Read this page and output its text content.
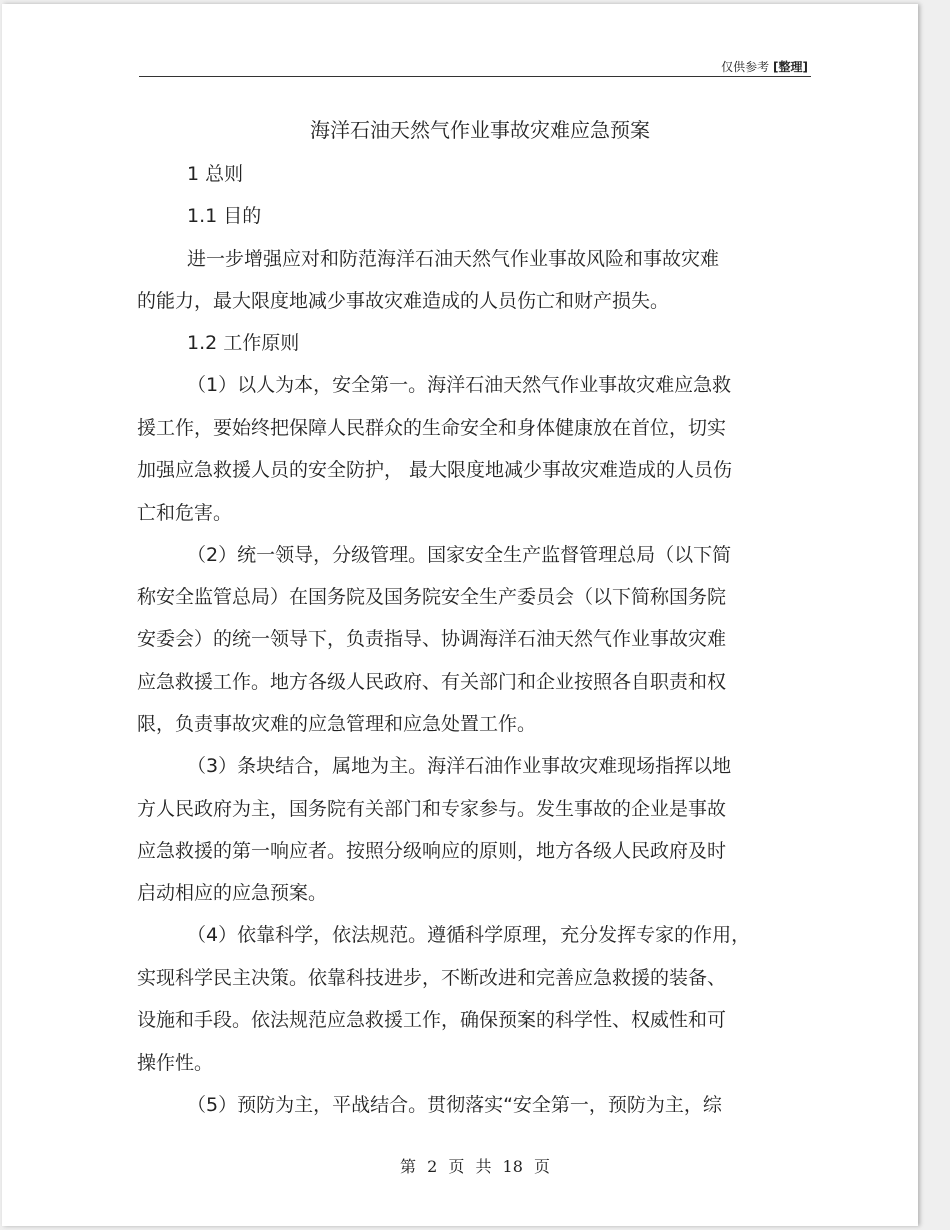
仅供参考 [整理]
海洋石油天然气作业事故灾难应急预案
1 总则
1.1 目的
进一步增强应对和防范海洋石油天然气作业事故风险和事故灾难
的能力，最大限度地减少事故灾难造成的人员伤亡和财产损失。
1.2 工作原则
（1）以人为本，安全第一。海洋石油天然气作业事故灾难应急救
援工作，要始终把保障人民群众的生命安全和身体健康放在首位，切实
加强应急救援人员的安全防护， 最大限度地减少事故灾难造成的人员伤
亡和危害。
（2）统一领导，分级管理。国家安全生产监督管理总局（以下简
称安全监管总局）在国务院及国务院安全生产委员会（以下简称国务院
安委会）的统一领导下，负责指导、协调海洋石油天然气作业事故灾难
应急救援工作。地方各级人民政府、有关部门和企业按照各自职责和权
限，负责事故灾难的应急管理和应急处置工作。
（3）条块结合，属地为主。海洋石油作业事故灾难现场指挥以地
方人民政府为主，国务院有关部门和专家参与。发生事故的企业是事故
应急救援的第一响应者。按照分级响应的原则，地方各级人民政府及时
启动相应的应急预案。
（4）依靠科学，依法规范。遵循科学原理，充分发挥专家的作用，
实现科学民主决策。依靠科技进步，不断改进和完善应急救援的装备、
设施和手段。依法规范应急救援工作，确保预案的科学性、权威性和可
操作性。
（5）预防为主，平战结合。贯彻落实“安全第一，预防为主，综
第 2 页 共 18 页
